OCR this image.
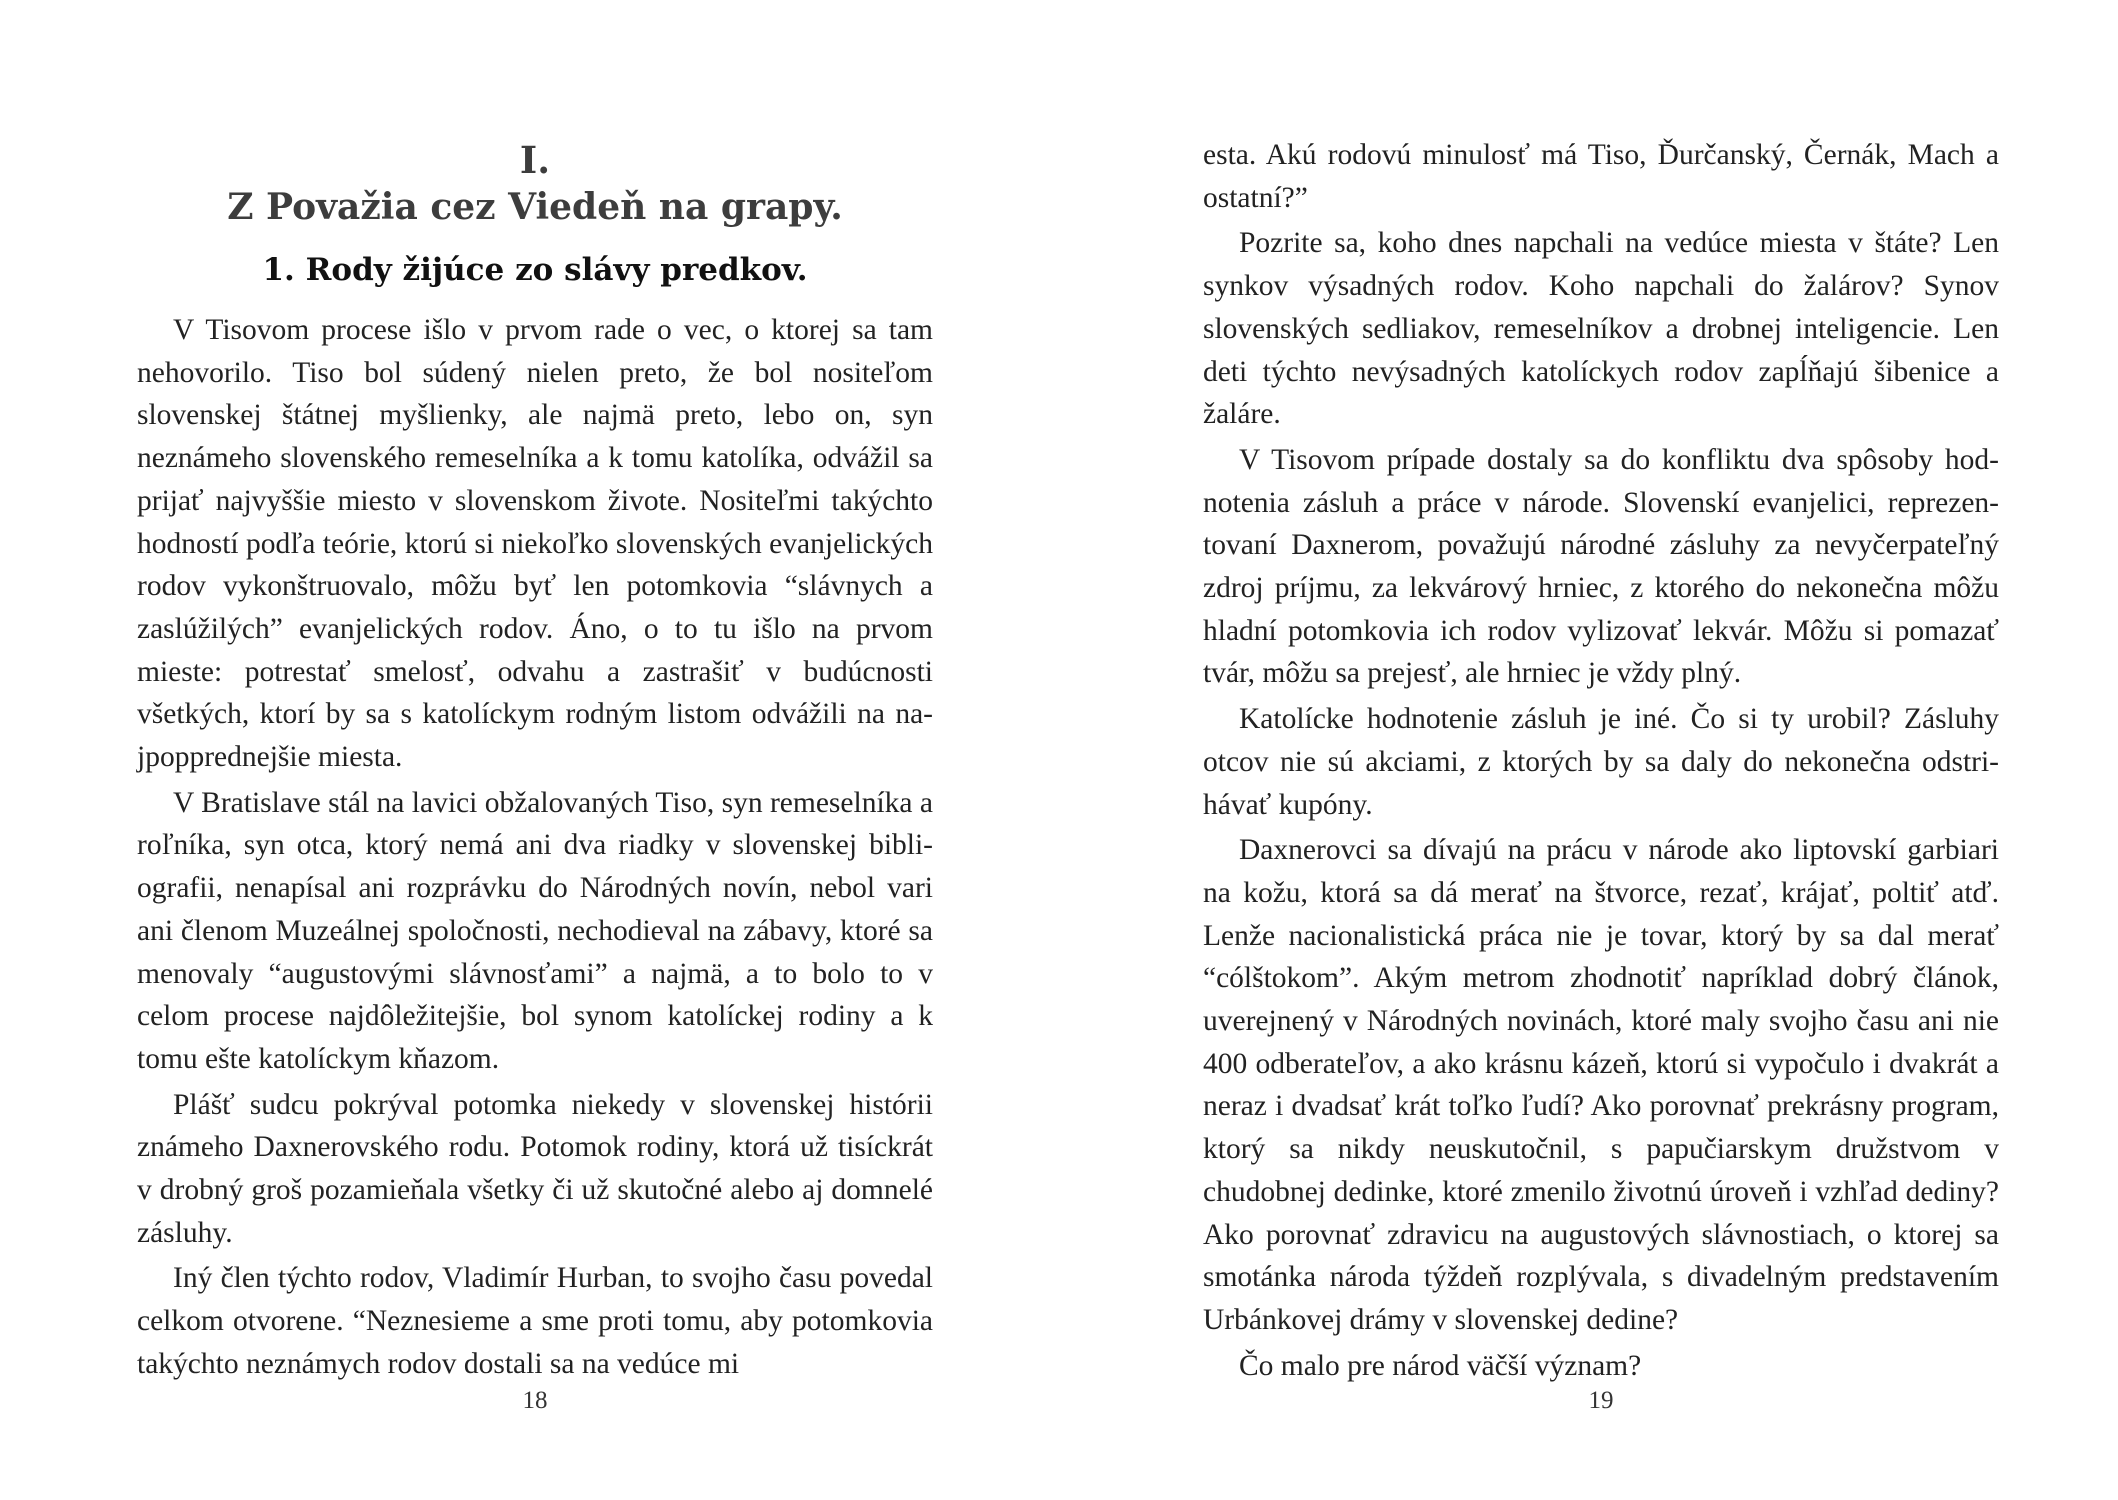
I.
Z Považia cez Viedeň na grapy.
1. Rody žijúce zo slávy predkov.

V Tisovom procese išlo v prvom rade o vec, o ktorej sa tam nehovorilo. Tiso bol súdený nielen preto, že bol nositeľom slovenskej štátnej myšlienky, ale najmä preto, lebo on, syn neznámeho slovenského remeselníka a k tomu katolíka, odvážil sa prijať najvyššie miesto v slovenskom živote. Nositeľmi takýchto hodností podľa teórie, ktorú si niekoľko slovenských evanjelických rodov vykonštruovalo, môžu byť len potomkovia “slávnych a zaslúžilých” evanjelických rodov. Áno, o to tu išlo na prvom mieste: potrestať smelosť, odvahu a zastrašiť v budúcnosti všetkých, ktorí by sa s katolíckym rodným listom odvážili na najpopprednejšie miesta.

V Bratislave stál na lavici obžalovaných Tiso, syn remeselníka a roľníka, syn otca, ktorý nemá ani dva riadky v slovenskej bibliografii, nenapísal ani rozprávku do Národných novín, nebol vari ani členom Muzeálnej spoločnosti, nechodieval na zábavy, ktoré sa menovaly “augustovými slávnosťami” a najmä, a to bolo to v celom procese najdôležitejšie, bol synom katolíckej rodiny a k tomu ešte katolíckym kňazom.

Plášť sudcu pokrýval potomka niekedy v slovenskej histórii známeho Daxnerovského rodu. Potomok rodiny, ktorá už tisíckrát v drobný groš pozamieňala všetky či už skutočné alebo aj domnelé zásluhy.

Iný člen týchto rodov, Vladimír Hurban, to svojho času povedal celkom otvorene. “Neznesieme a sme proti tomu, aby potomkovia takýchto neznámych rodov dostali sa na vedúce mi

18

esta. Akú rodovú minulosť má Tiso, Ďurčanský, Černák, Mach a ostatní?”

Pozrite sa, koho dnes napchali na vedúce miesta v štáte? Len synkov výsadných rodov. Koho napchali do žalárov? Synov slovenských sedliakov, remeselníkov a drobnej inteligencie. Len deti týchto nevýsadných katolíckych rodov zapĺňajú šibenice a žaláre.

V Tisovom prípade dostaly sa do konfliktu dva spôsoby hodnotenia zásluh a práce v národe. Slovenskí evanjelici, reprezentovaní Daxnerom, považujú národné zásluhy za nevyčerpateľný zdroj príjmu, za lekvárový hrniec, z ktorého do nekonečna môžu hladní potomkovia ich rodov vylizovať lekvár. Môžu si pomazať tvár, môžu sa prejesť, ale hrniec je vždy plný.

Katolícke hodnotenie zásluh je iné. Čo si ty urobil? Zásluhy otcov nie sú akciami, z ktorých by sa daly do nekonečna odstrihávať kupóny.

Daxnerovci sa dívajú na prácu v národe ako liptovskí garbiari na kožu, ktorá sa dá merať na štvorce, rezať, krájať, poltiť atď. Lenže nacionalistická práca nie je tovar, ktorý by sa dal merať “cólštokom”. Akým metrom zhodnotiť napríklad dobrý článok, uverejnený v Národných novinách, ktoré maly svojho času ani nie 400 odberateľov, a ako krásnu kázeň, ktorú si vypočulo i dvakrát a neraz i dvadsať krát toľko ľudí? Ako porovnať prekrásny program, ktorý sa nikdy neuskutočnil, s papučiarskym družstvom v chudobnej dedinke, ktoré zmenilo životnú úroveň i vzhľad dediny? Ako porovnať zdravicu na augustových slávnostiach, o ktorej sa smotánka národa týždeň rozplývala, s divadelným predstavením Urbánkovej drámy v slovenskej dedine?

Čo malo pre národ väčší význam?

19
